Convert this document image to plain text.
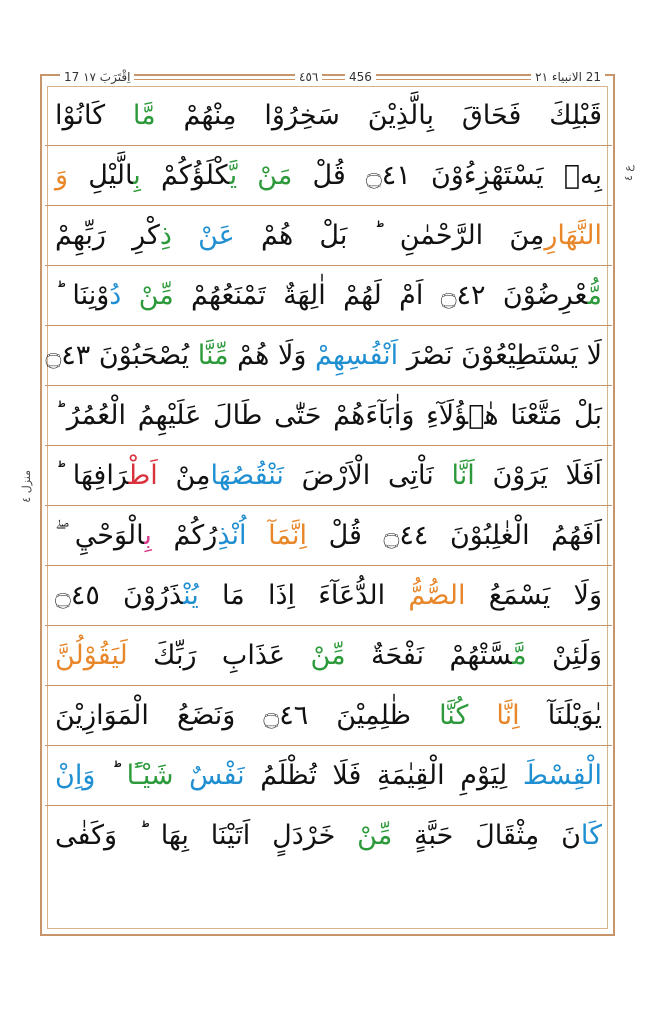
17 اِقْتَرَبَ ١٧	٤٥٦	456	21 الانبیاء ٢١
ع ٤
منزل ٤
قَبْلِكَ فَحَاقَ بِالَّذِيْنَ سَخِرُوْا مِنْهُمْ مَّا كَانُوْا
بِهٖ يَسْتَهْزِءُوْنَ ۝٤١ قُلْ مَنْ يَّكْلَؤُكُمْ بِالَّيْلِ وَ
النَّهَارِمِنَ الرَّحْمٰنِ ؕ بَلْ هُمْ عَنْ ذِكْرِ رَبِّهِمْ
مُّعْرِضُوْنَ ۝٤٢ اَمْ لَهُمْ اٰلِهَةٌ تَمْنَعُهُمْ مِّنْ دُوْنِنَا ؕ
لَا يَسْتَطِيْعُوْنَ نَصْرَ اَنْفُسِهِمْ وَلَا هُمْ مِّنَّا يُصْحَبُوْنَ ۝٤٣
بَلْ مَتَّعْنَا هٰۤؤُلَآءِ وَاٰبَآءَهُمْ حَتّٰى طَالَ عَلَيْهِمُ الْعُمُرُ ؕ
اَفَلَا يَرَوْنَ اَنَّا نَاْتِى الْاَرْضَ نَنْقُصُهَامِنْ اَطْرَافِهَا ؕ
اَفَهُمُ الْغٰلِبُوْنَ ۝٤٤ قُلْ اِنَّمَآ اُنْذِرُكُمْ بِالْوَحْيِ ۖ
وَلَا يَسْمَعُ الصُّمُّ الدُّعَآءَ اِذَا مَا يُنْذَرُوْنَ ۝٤٥
وَلَئِنْ مَّسَّتْهُمْ نَفْحَةٌ مِّنْ عَذَابِ رَبِّكَ لَيَقُوْلُنَّ
يٰوَيْلَنَآ اِنَّا كُنَّا ظٰلِمِيْنَ ۝٤٦ وَنَضَعُ الْمَوَازِيْنَ
الْقِسْطَ لِيَوْمِ الْقِيٰمَةِ فَلَا تُظْلَمُ نَفْسٌ شَيْـًٔا ؕ وَاِنْ
كَانَ مِثْقَالَ حَبَّةٍ مِّنْ خَرْدَلٍ اَتَيْنَا بِهَا ؕ وَكَفٰى
